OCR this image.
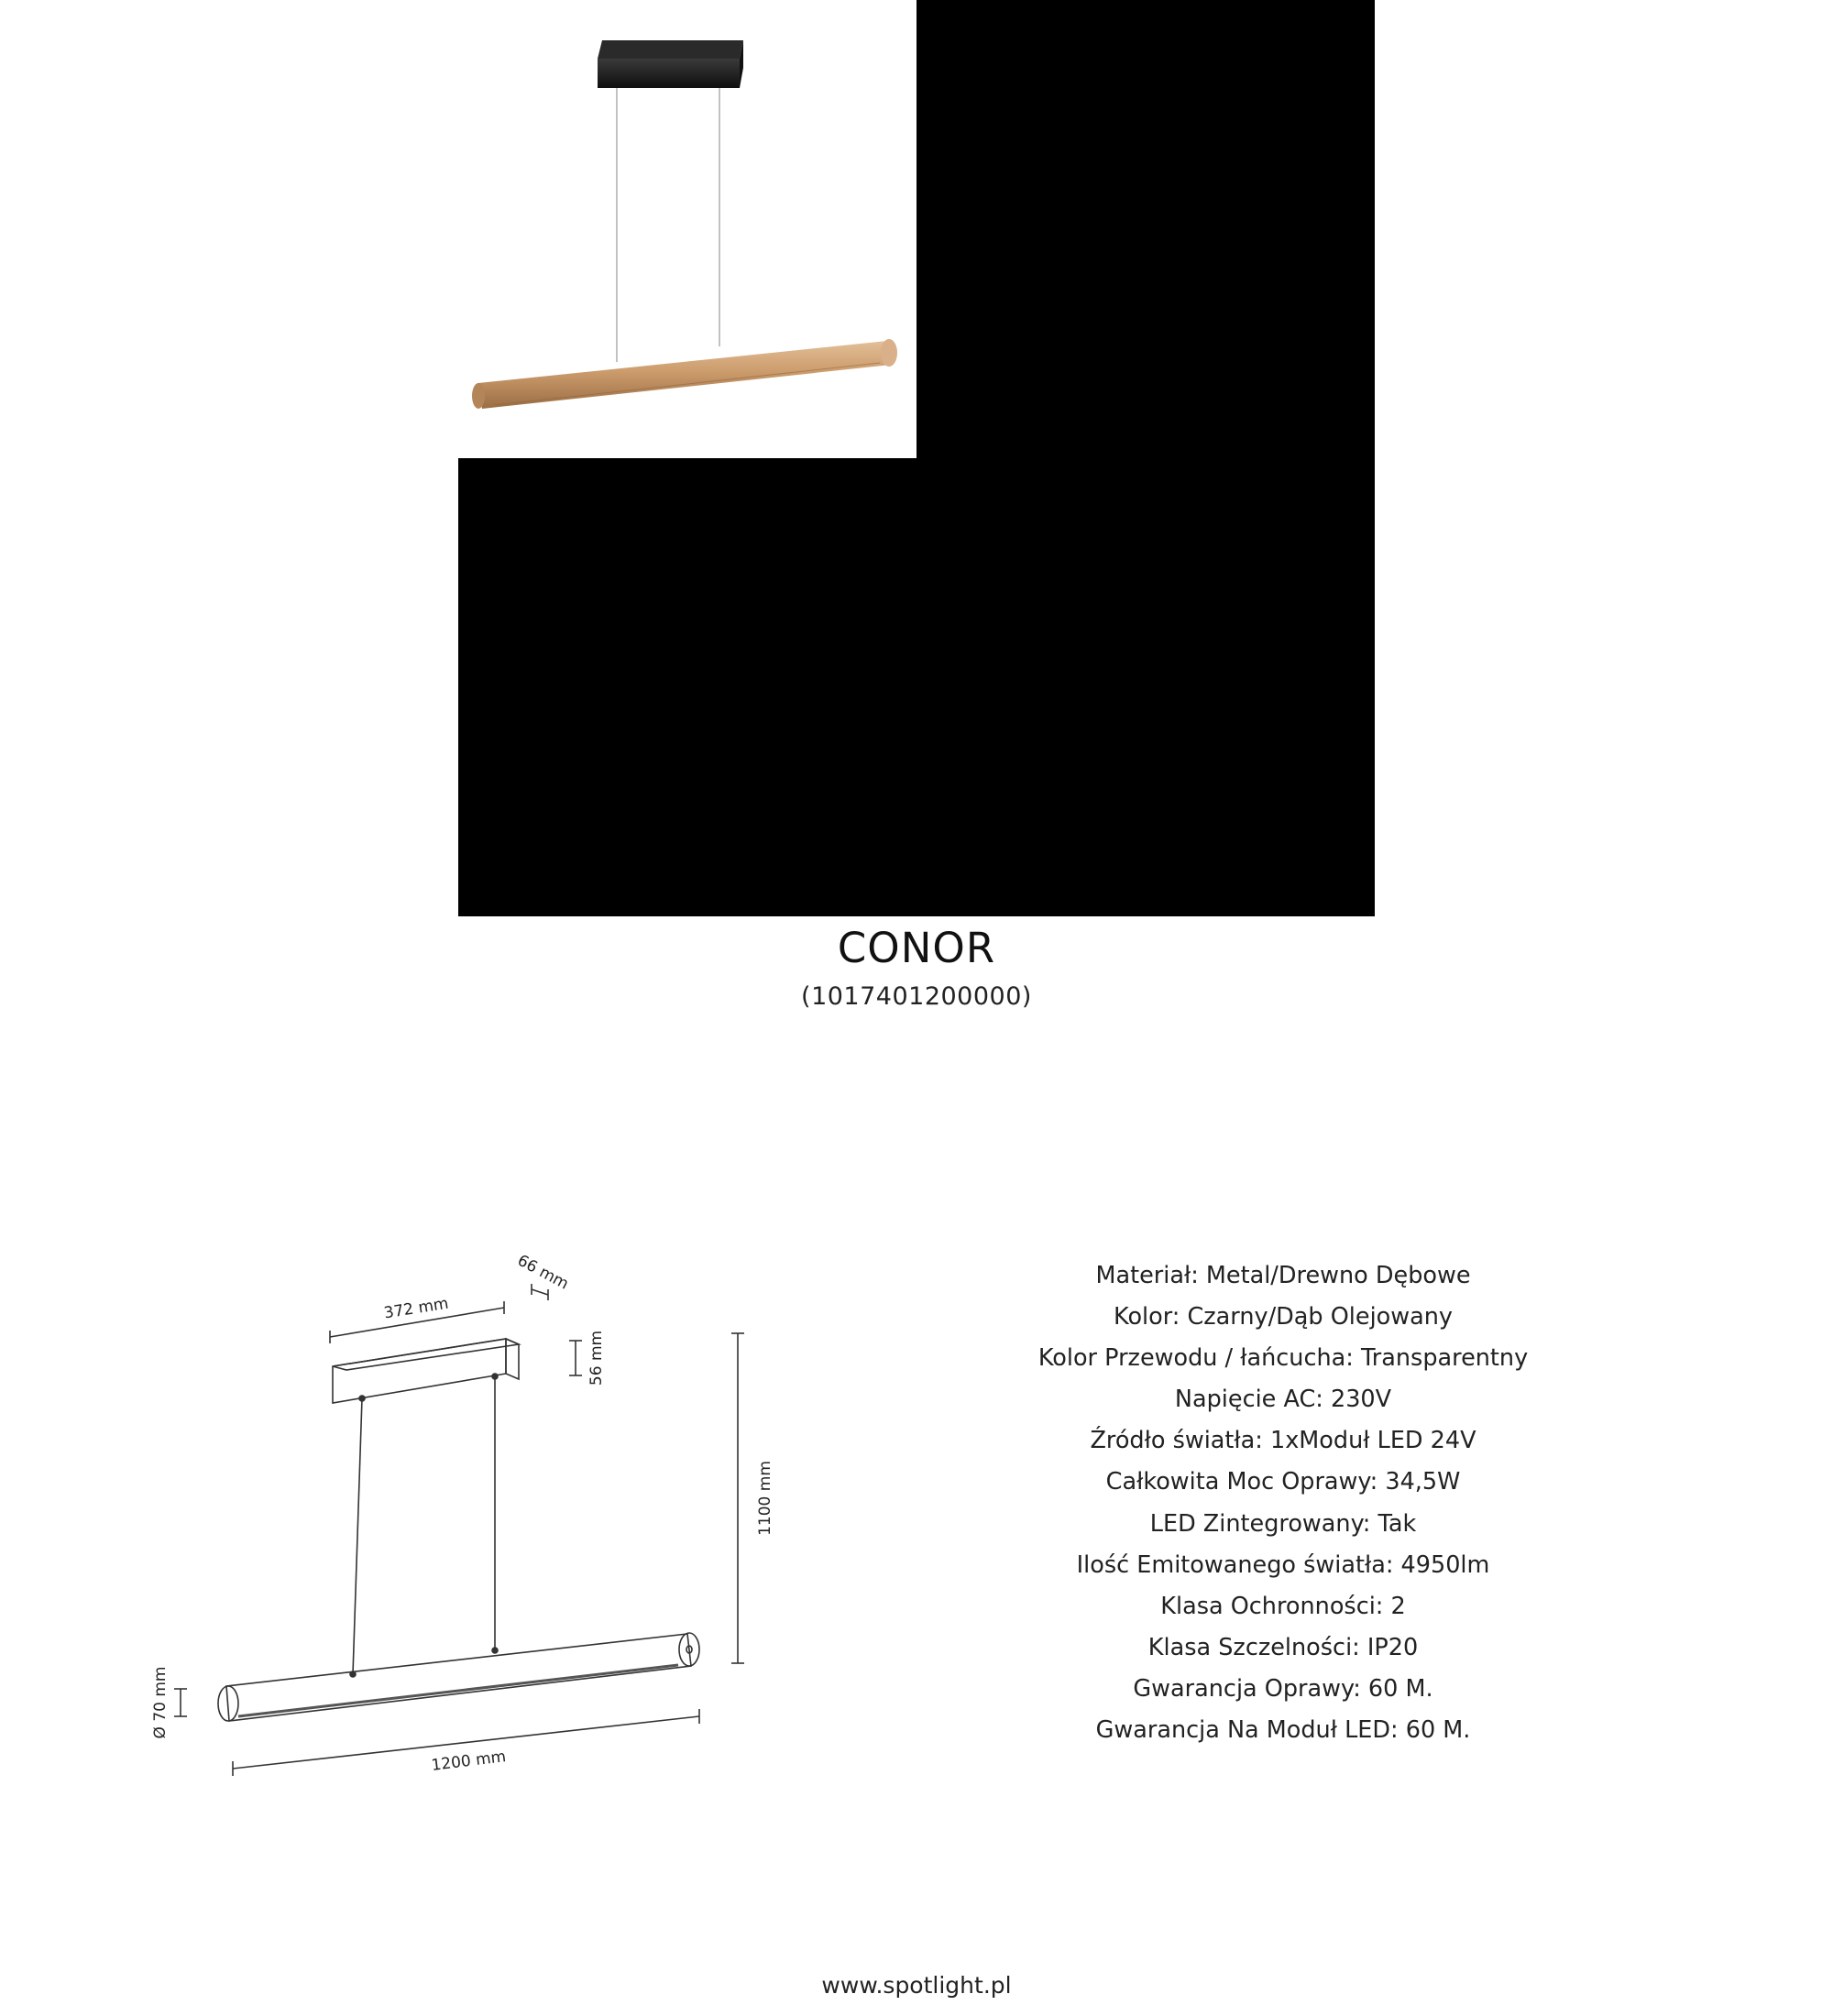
CONOR
(1017401200000)
372 mm
66 mm
56 mm
1100 mm
Ø 70 mm
1200 mm
Materiał: Metal/Drewno Dębowe
Kolor: Czarny/Dąb Olejowany
Kolor Przewodu / łańcucha: Transparentny
Napięcie AC: 230V
Źródło światła: 1xModuł LED 24V
Całkowita Moc Oprawy: 34,5W
LED Zintegrowany: Tak
Ilość Emitowanego światła: 4950lm
Klasa Ochronności: 2
Klasa Szczelności: IP20
Gwarancja Oprawy: 60 M.
Gwarancja Na Moduł LED: 60 M.
www.spotlight.pl
